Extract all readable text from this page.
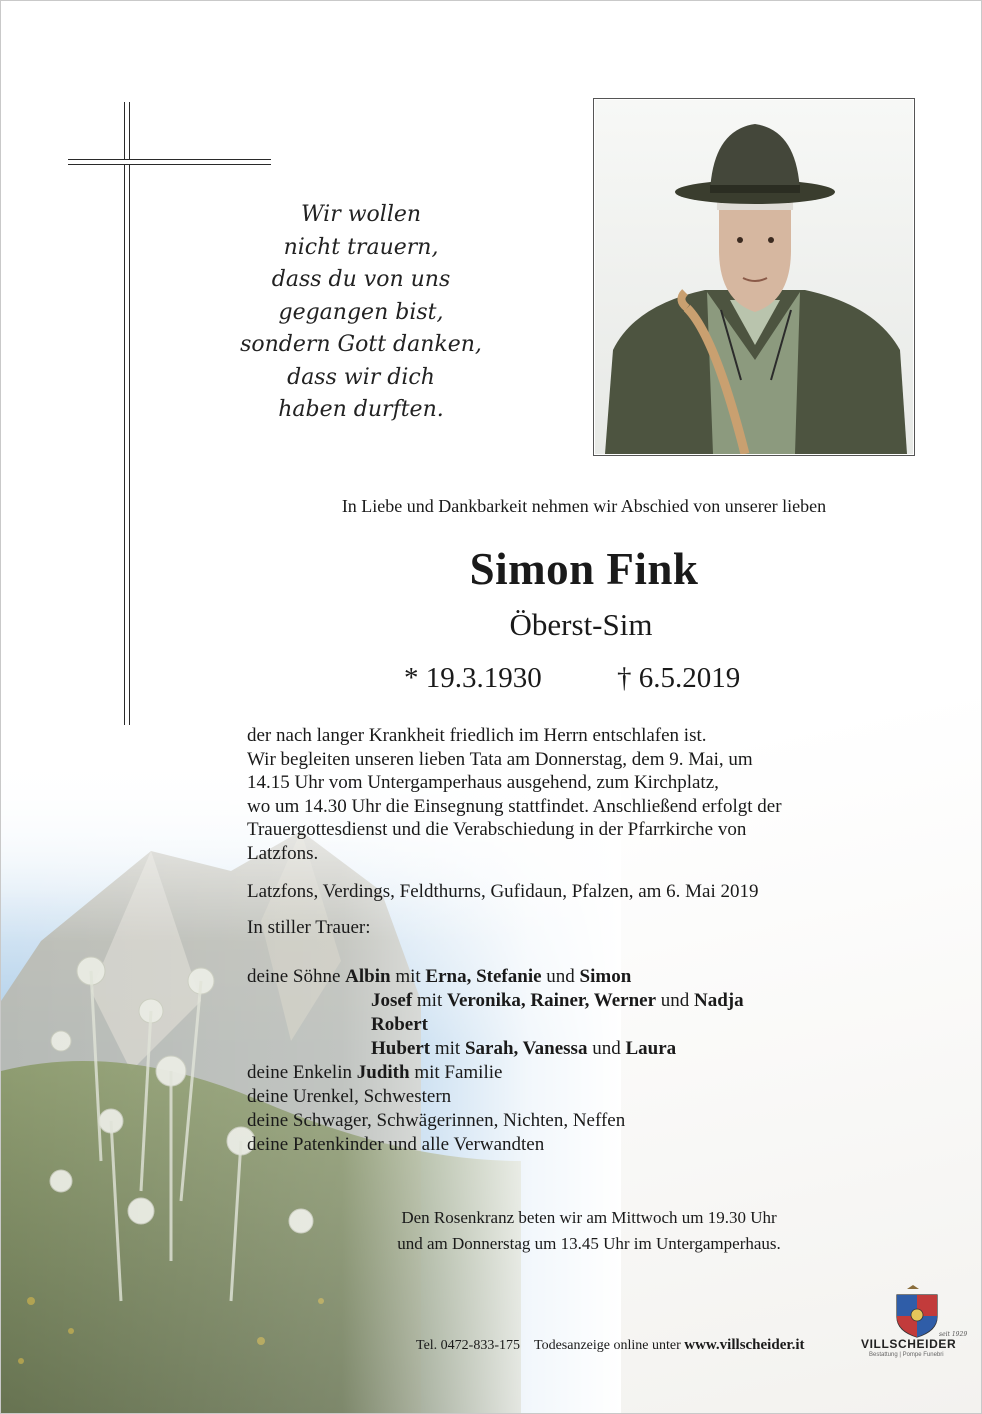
Wir wollen
nicht trauern,
dass du von uns
gegangen bist,
sondern Gott danken,
dass wir dich
haben durften.
In Liebe und Dankbarkeit nehmen wir Abschied von unserer lieben
Simon Fink
Öberst-Sim
* 19.3.1930	† 6.5.2019

der nach langer Krankheit friedlich im Herrn entschlafen ist.

Wir begleiten unseren lieben Tata am Donnerstag, dem 9. Mai, um

14.15 Uhr vom Untergamperhaus ausgehend, zum Kirchplatz,

wo um 14.30 Uhr die Einsegnung stattfindet. Anschließend erfolgt der

Trauergottesdienst und die Verabschiedung in der Pfarrkirche von

Latzfons.

Latzfons, Verdings, Feldthurns, Gufidaun, Pfalzen, am 6. Mai 2019
In stiller Trauer:
deine Söhne Albin mit Erna, Stefanie und Simon
Josef mit Veronika, Rainer, Werner und Nadja
Robert
Hubert mit Sarah, Vanessa und Laura
deine Enkelin Judith mit Familie
deine Urenkel, Schwestern
deine Schwager, Schwägerinnen, Nichten, Neffen
deine Patenkinder und alle Verwandten
Den Rosenkranz beten wir am Mittwoch um 19.30 Uhr
und am Donnerstag um 13.45 Uhr im Untergamperhaus.
Tel. 0472-833-175 Todesanzeige online unter www.villscheider.it
seit 1929
VILLSCHEIDER
Bestattung | Pompe Funebri
